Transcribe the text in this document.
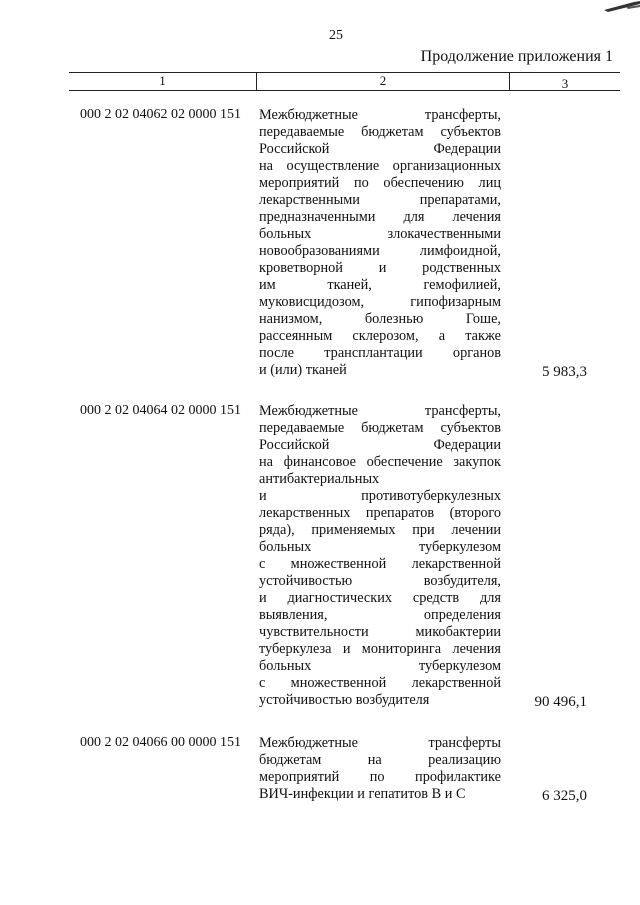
25
Продолжение приложения 1
1	2	3
000 2 02 04062 02 0000 151 Межбюджетные трансферты,
передаваемые бюджетам субъектов
Российской Федерации
на осуществление организационных
мероприятий по обеспечению лиц
лекарственными препаратами,
предназначенными для лечения
больных злокачественными
новообразованиями лимфоидной,
кроветворной и родственных
им тканей, гемофилией,
муковисцидозом, гипофизарным
нанизмом, болезнью Гоше,
рассеянным склерозом, а также
после трансплантации органов
и (или) тканей	5 983,3
000 2 02 04064 02 0000 151 Межбюджетные трансферты,
передаваемые бюджетам субъектов
Российской Федерации
на финансовое обеспечение закупок
антибактериальных
и противотуберкулезных
лекарственных препаратов (второго
ряда), применяемых при лечении
больных туберкулезом
с множественной лекарственной
устойчивостью возбудителя,
и диагностических средств для
выявления, определения
чувствительности микобактерии
туберкулеза и мониторинга лечения
больных туберкулезом
с множественной лекарственной
устойчивостью возбудителя	90 496,1
000 2 02 04066 00 0000 151 Межбюджетные трансферты
бюджетам на реализацию
мероприятий по профилактике
ВИЧ-инфекции и гепатитов В и С	6 325,0
